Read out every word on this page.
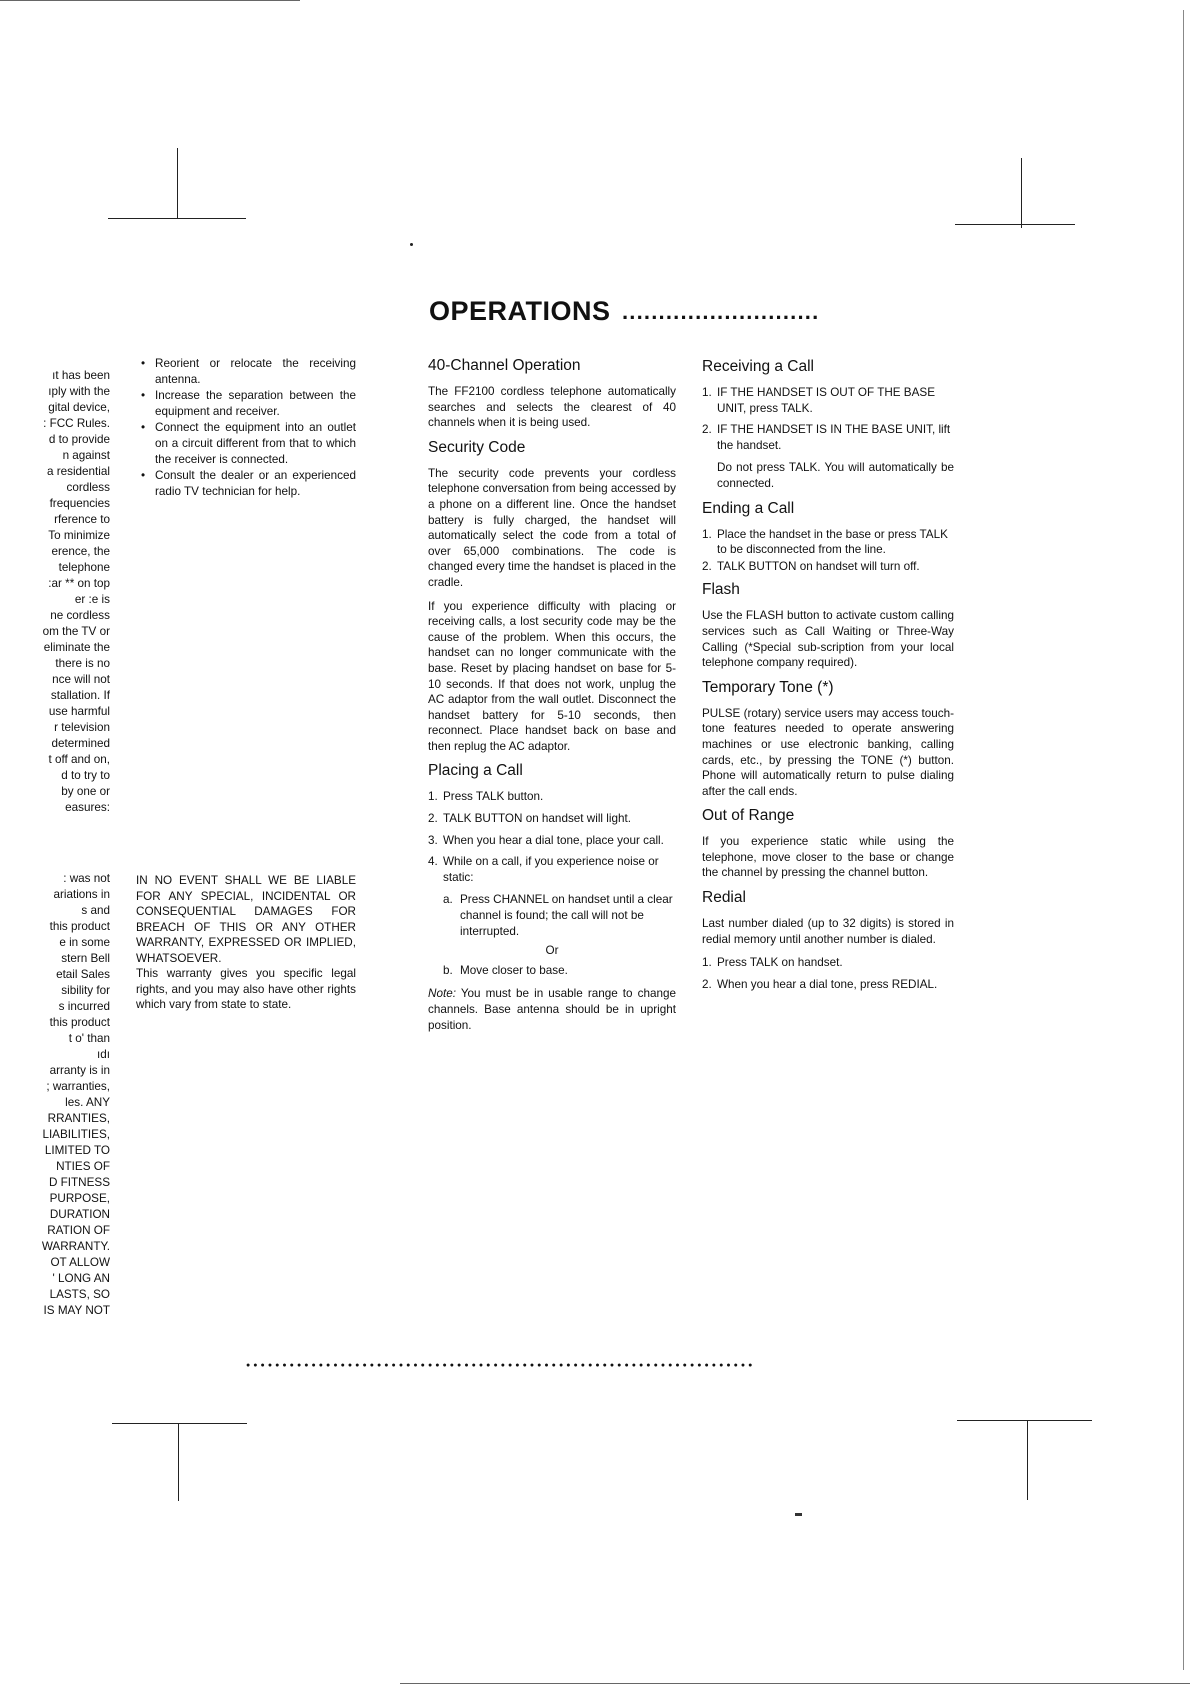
OPERATIONS ...........................
ıt has been
ıply with the
gital device,
: FCC Rules.
d to provide
n against
a residential
cordless
frequencies
rference to
To minimize
erence, the
telephone
:ar ** on top
er :e is
ne cordless
om the TV or
eliminate the
there is no
nce will not
stallation. If
use harmful
r television
determined
t off and on,
d to try to
by one or
easures:
: was not
ariations in
s and
this product
e in some
stern Bell
etail Sales
sibility for
s incurred
this product
t o' than
ıdı
arranty is in
; warranties,
les. ANY
RRANTIES,
LIABILITIES,
LIMITED TO
NTIES OF
D FITNESS
PURPOSE,
DURATION
RATION OF
WARRANTY.
OT ALLOW
' LONG AN
LASTS, SO
IS MAY NOT
• Reorient or relocate the receiving antenna.
• Increase the separation between the equipment and receiver.
• Connect the equipment into an outlet on a circuit different from that to which the receiver is connected.
• Consult the dealer or an experienced radio TV technician for help.

IN NO EVENT SHALL WE BE LIABLE FOR ANY SPECIAL, INCIDENTAL OR CONSEQUENTIAL DAMAGES FOR BREACH OF THIS OR ANY OTHER WARRANTY, EXPRESSED OR IMPLIED, WHATSOEVER.

This warranty gives you specific legal rights, and you may also have other rights which vary from state to state.

40-Channel Operation

The FF2100 cordless telephone automatically searches and selects the clearest of 40 channels when it is being used.

Security Code

The security code prevents your cordless telephone conversation from being accessed by a phone on a different line. Once the handset battery is fully charged, the handset will automatically select the code from a total of over 65,000 combinations. The code is changed every time the handset is placed in the cradle.

If you experience difficulty with placing or receiving calls, a lost security code may be the cause of the problem. When this occurs, the handset can no longer communicate with the base. Reset by placing handset on base for 5-10 seconds. If that does not work, unplug the AC adaptor from the wall outlet. Disconnect the handset battery for 5-10 seconds, then reconnect. Place handset back on base and then replug the AC adaptor.

Placing a Call
1. Press TALK button.
2. TALK BUTTON on handset will light.
3. When you hear a dial tone, place your call.
4. While on a call, if you experience noise or static:
a. Press CHANNEL on handset until a clear channel is found; the call will not be interrupted.
Or
b. Move closer to base.

Note: You must be in usable range to change channels. Base antenna should be in upright position.

Receiving a Call
1. IF THE HANDSET IS OUT OF THE BASE UNIT, press TALK.
2. IF THE HANDSET IS IN THE BASE UNIT, lift the handset.

Do not press TALK. You will automatically be connected.

Ending a Call
1. Place the handset in the base or press TALK to be disconnected from the line.
2. TALK BUTTON on handset will turn off.
Flash

Use the FLASH button to activate custom calling services such as Call Waiting or Three-Way Calling (*Special sub-scription from your local telephone company required).

Temporary Tone (*)

PULSE (rotary) service users may access touch-tone features needed to operate answering machines or use electronic banking, calling cards, etc., by pressing the TONE (*) button. Phone will automatically return to pulse dialing after the call ends.

Out of Range

If you experience static while using the telephone, move closer to the base or change the channel by pressing the channel button.

Redial

Last number dialed (up to 32 digits) is stored in redial memory until another number is dialed.

1. Press TALK on handset.
2. When you hear a dial tone, press REDIAL.
●●●●●●●●●●●●●●●●●●●●●●●●●●●●●●●●●●●●●●●●●●●●●●●●●●●●●●●●●●●●●●●●●●●●●●
